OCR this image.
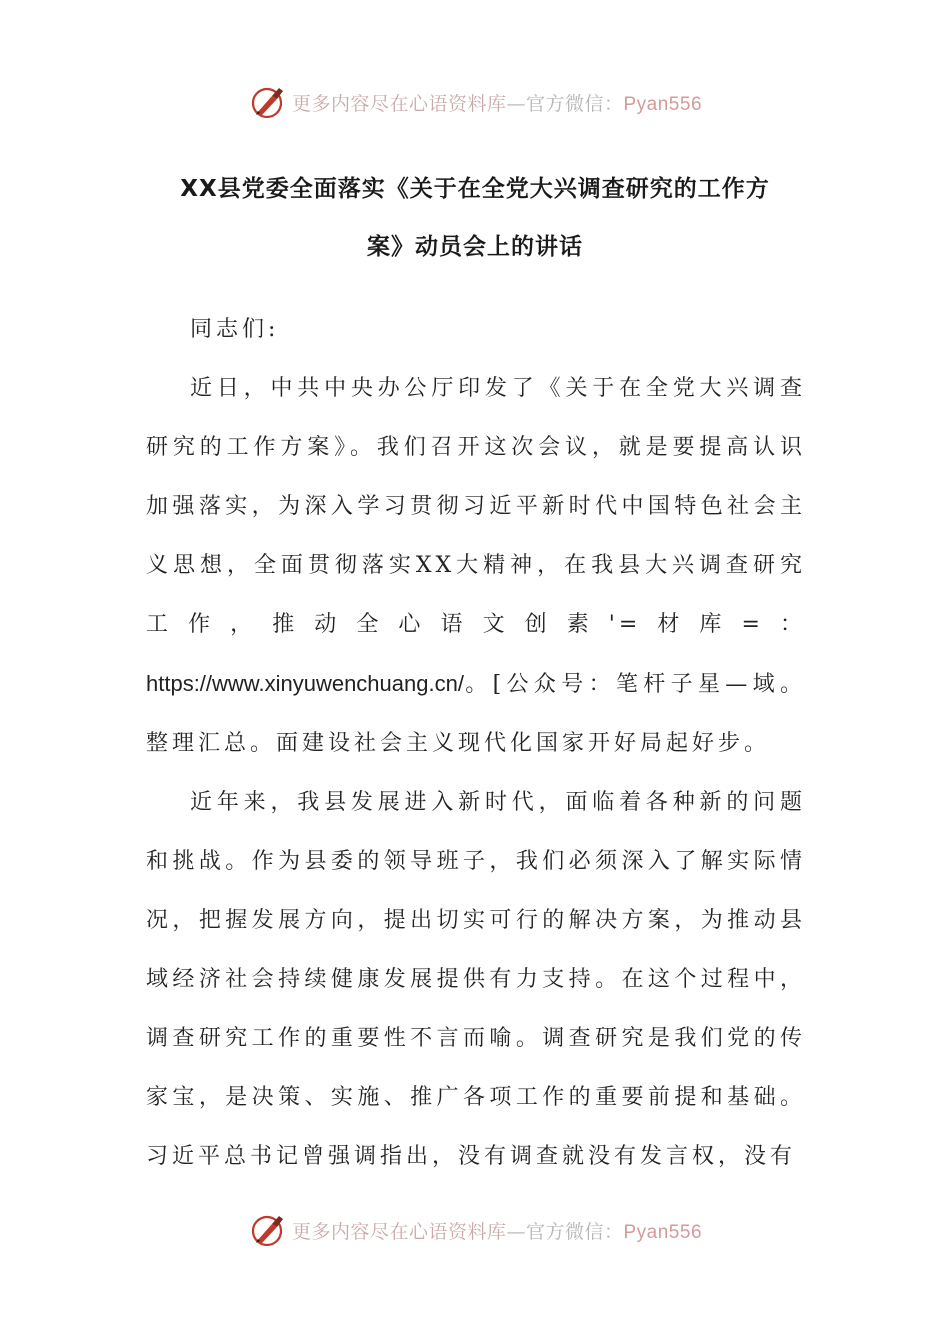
更多内容尽在心语资料库—官方微信：Pyan556
XX县党委全面落实《关于在全党大兴调查研究的工作方
案》动员会上的讲话

同志们:

近日，中共中央办公厅印发了《关于在全党大兴调查研究的工作方案》。我们召开这次会议，就是要提高认识加强落实，为深入学习贯彻习近平新时代中国特色社会主义思想，全面贯彻落实XX大精神，在我县大兴调查研究工作，推动全心语文创素'=材库=：https://www.xinyuwenchuang.cn/。[公众号：笔杆子星—域。整理汇总。面建设社会主义现代化国家开好局起好步。

近年来，我县发展进入新时代，面临着各种新的问题和挑战。作为县委的领导班子，我们必须深入了解实际情况，把握发展方向，提出切实可行的解决方案，为推动县域经济社会持续健康发展提供有力支持。在这个过程中，调查研究工作的重要性不言而喻。调查研究是我们党的传家宝，是决策、实施、推广各项工作的重要前提和基础。习近平总书记曾强调指出，没有调查就没有发言权，没有

更多内容尽在心语资料库—官方微信：Pyan556
